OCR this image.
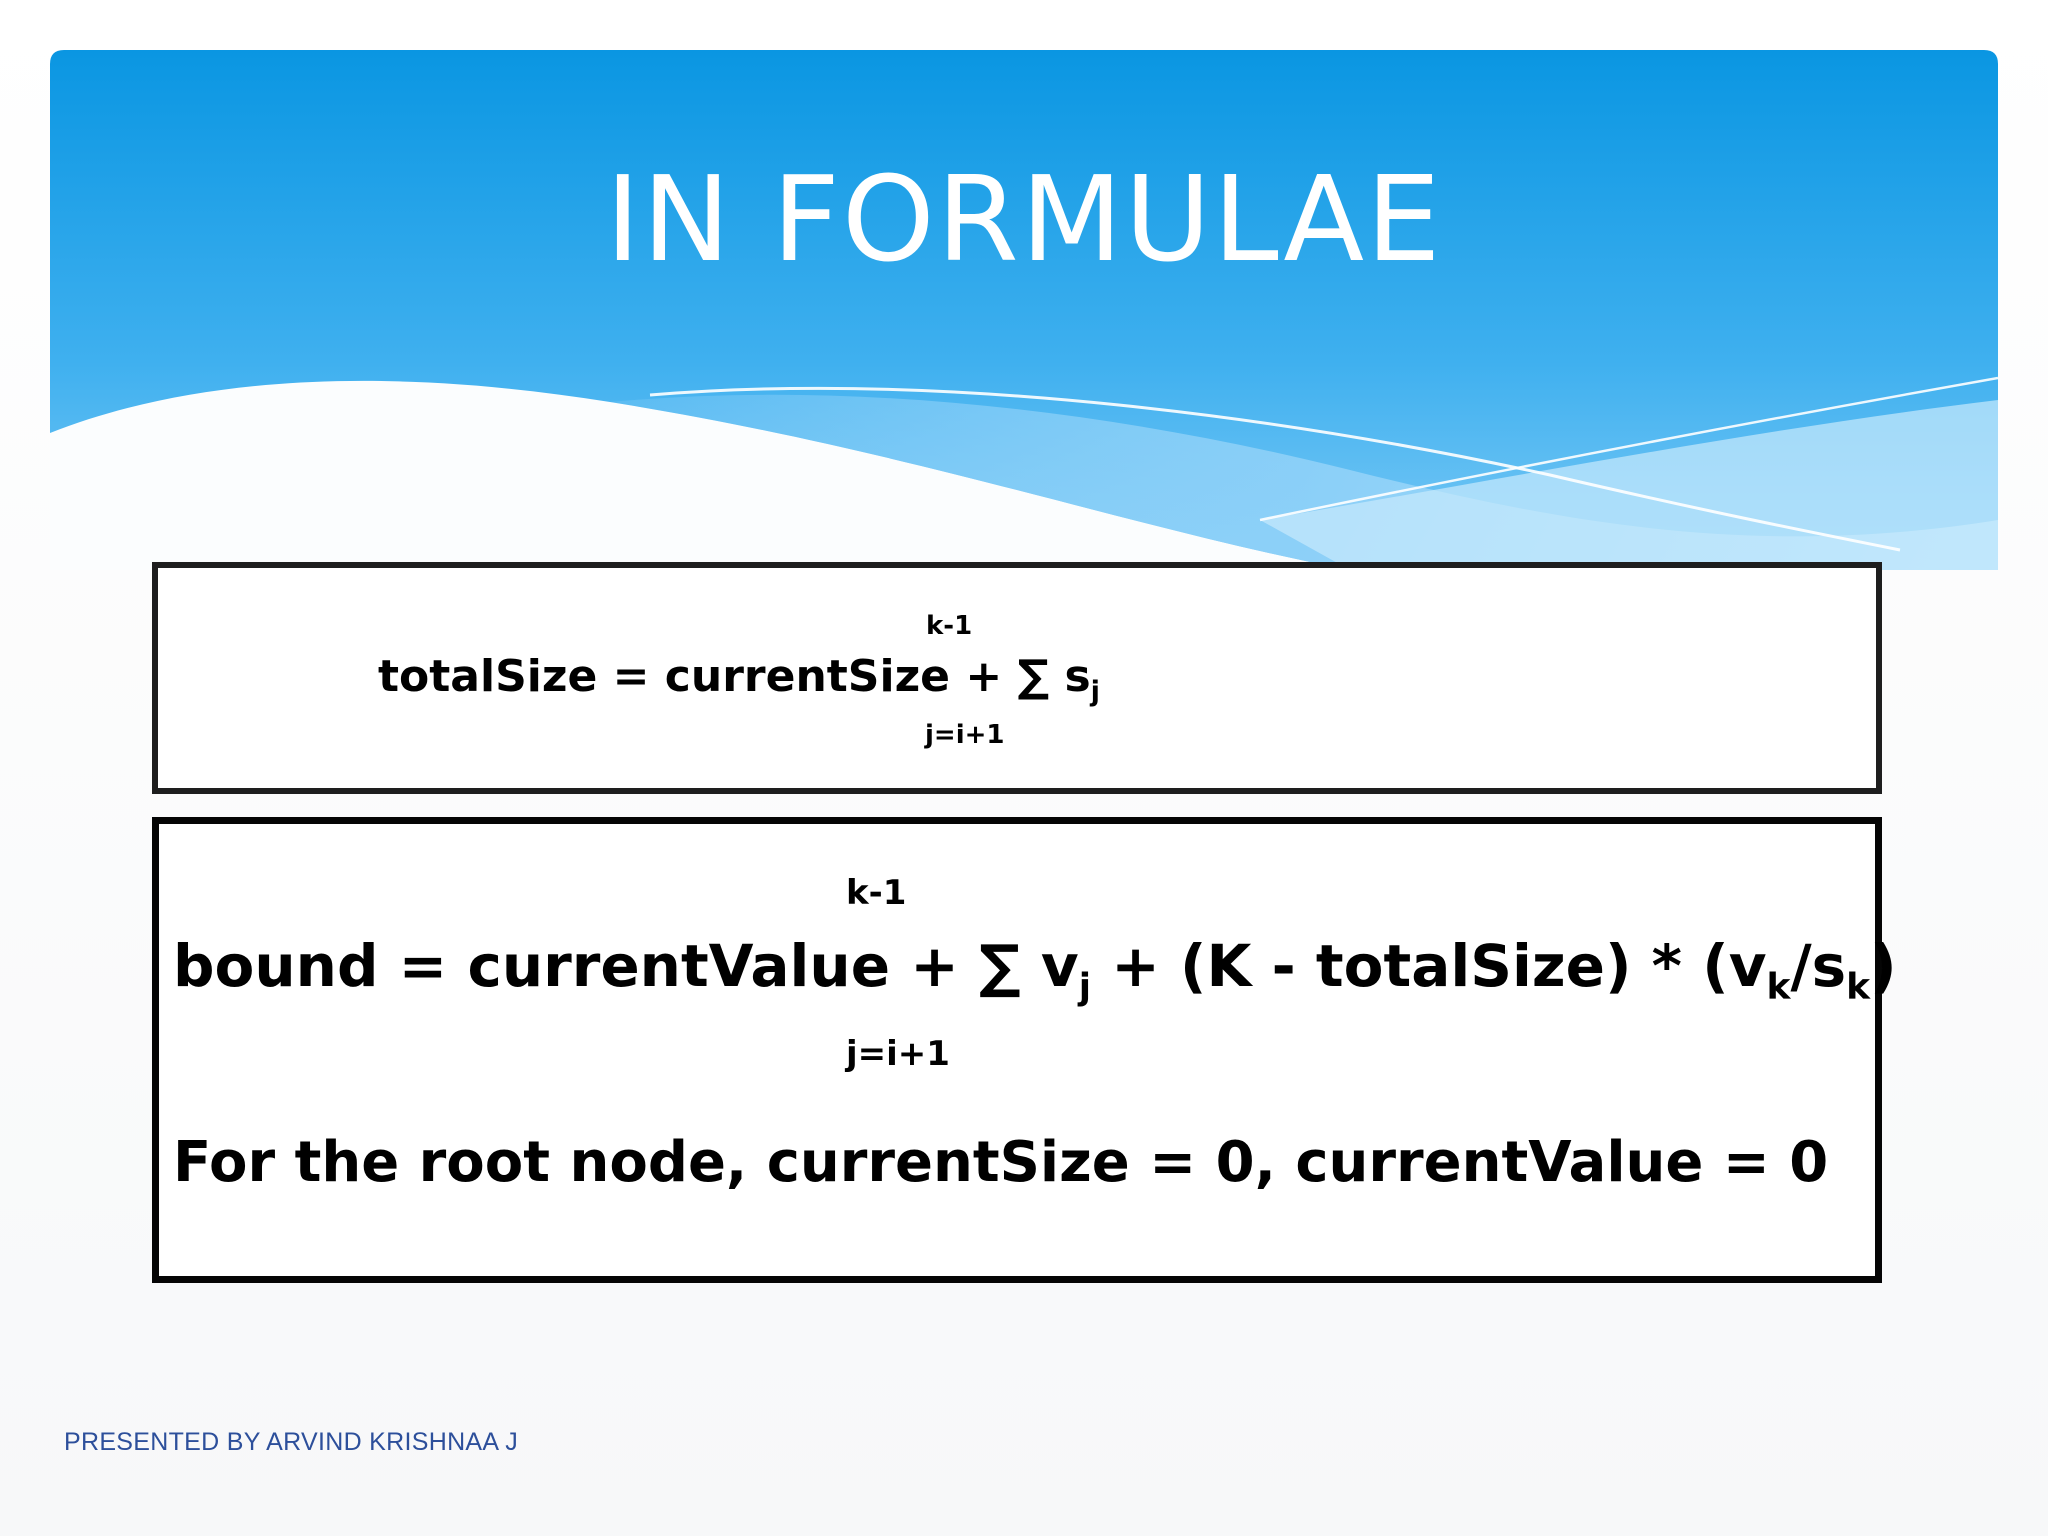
IN FORMULAE
k-1
totalSize = currentSize + ∑ $s_j$
j=i+1
k-1
bound = currentValue + ∑ $v_j + (K$ - totalSize) * $(v_k/s_k)$
j=i+1
For the root node, currentSize = 0, currentValue = 0
PRESENTED BY ARVIND KRISHNAA J
